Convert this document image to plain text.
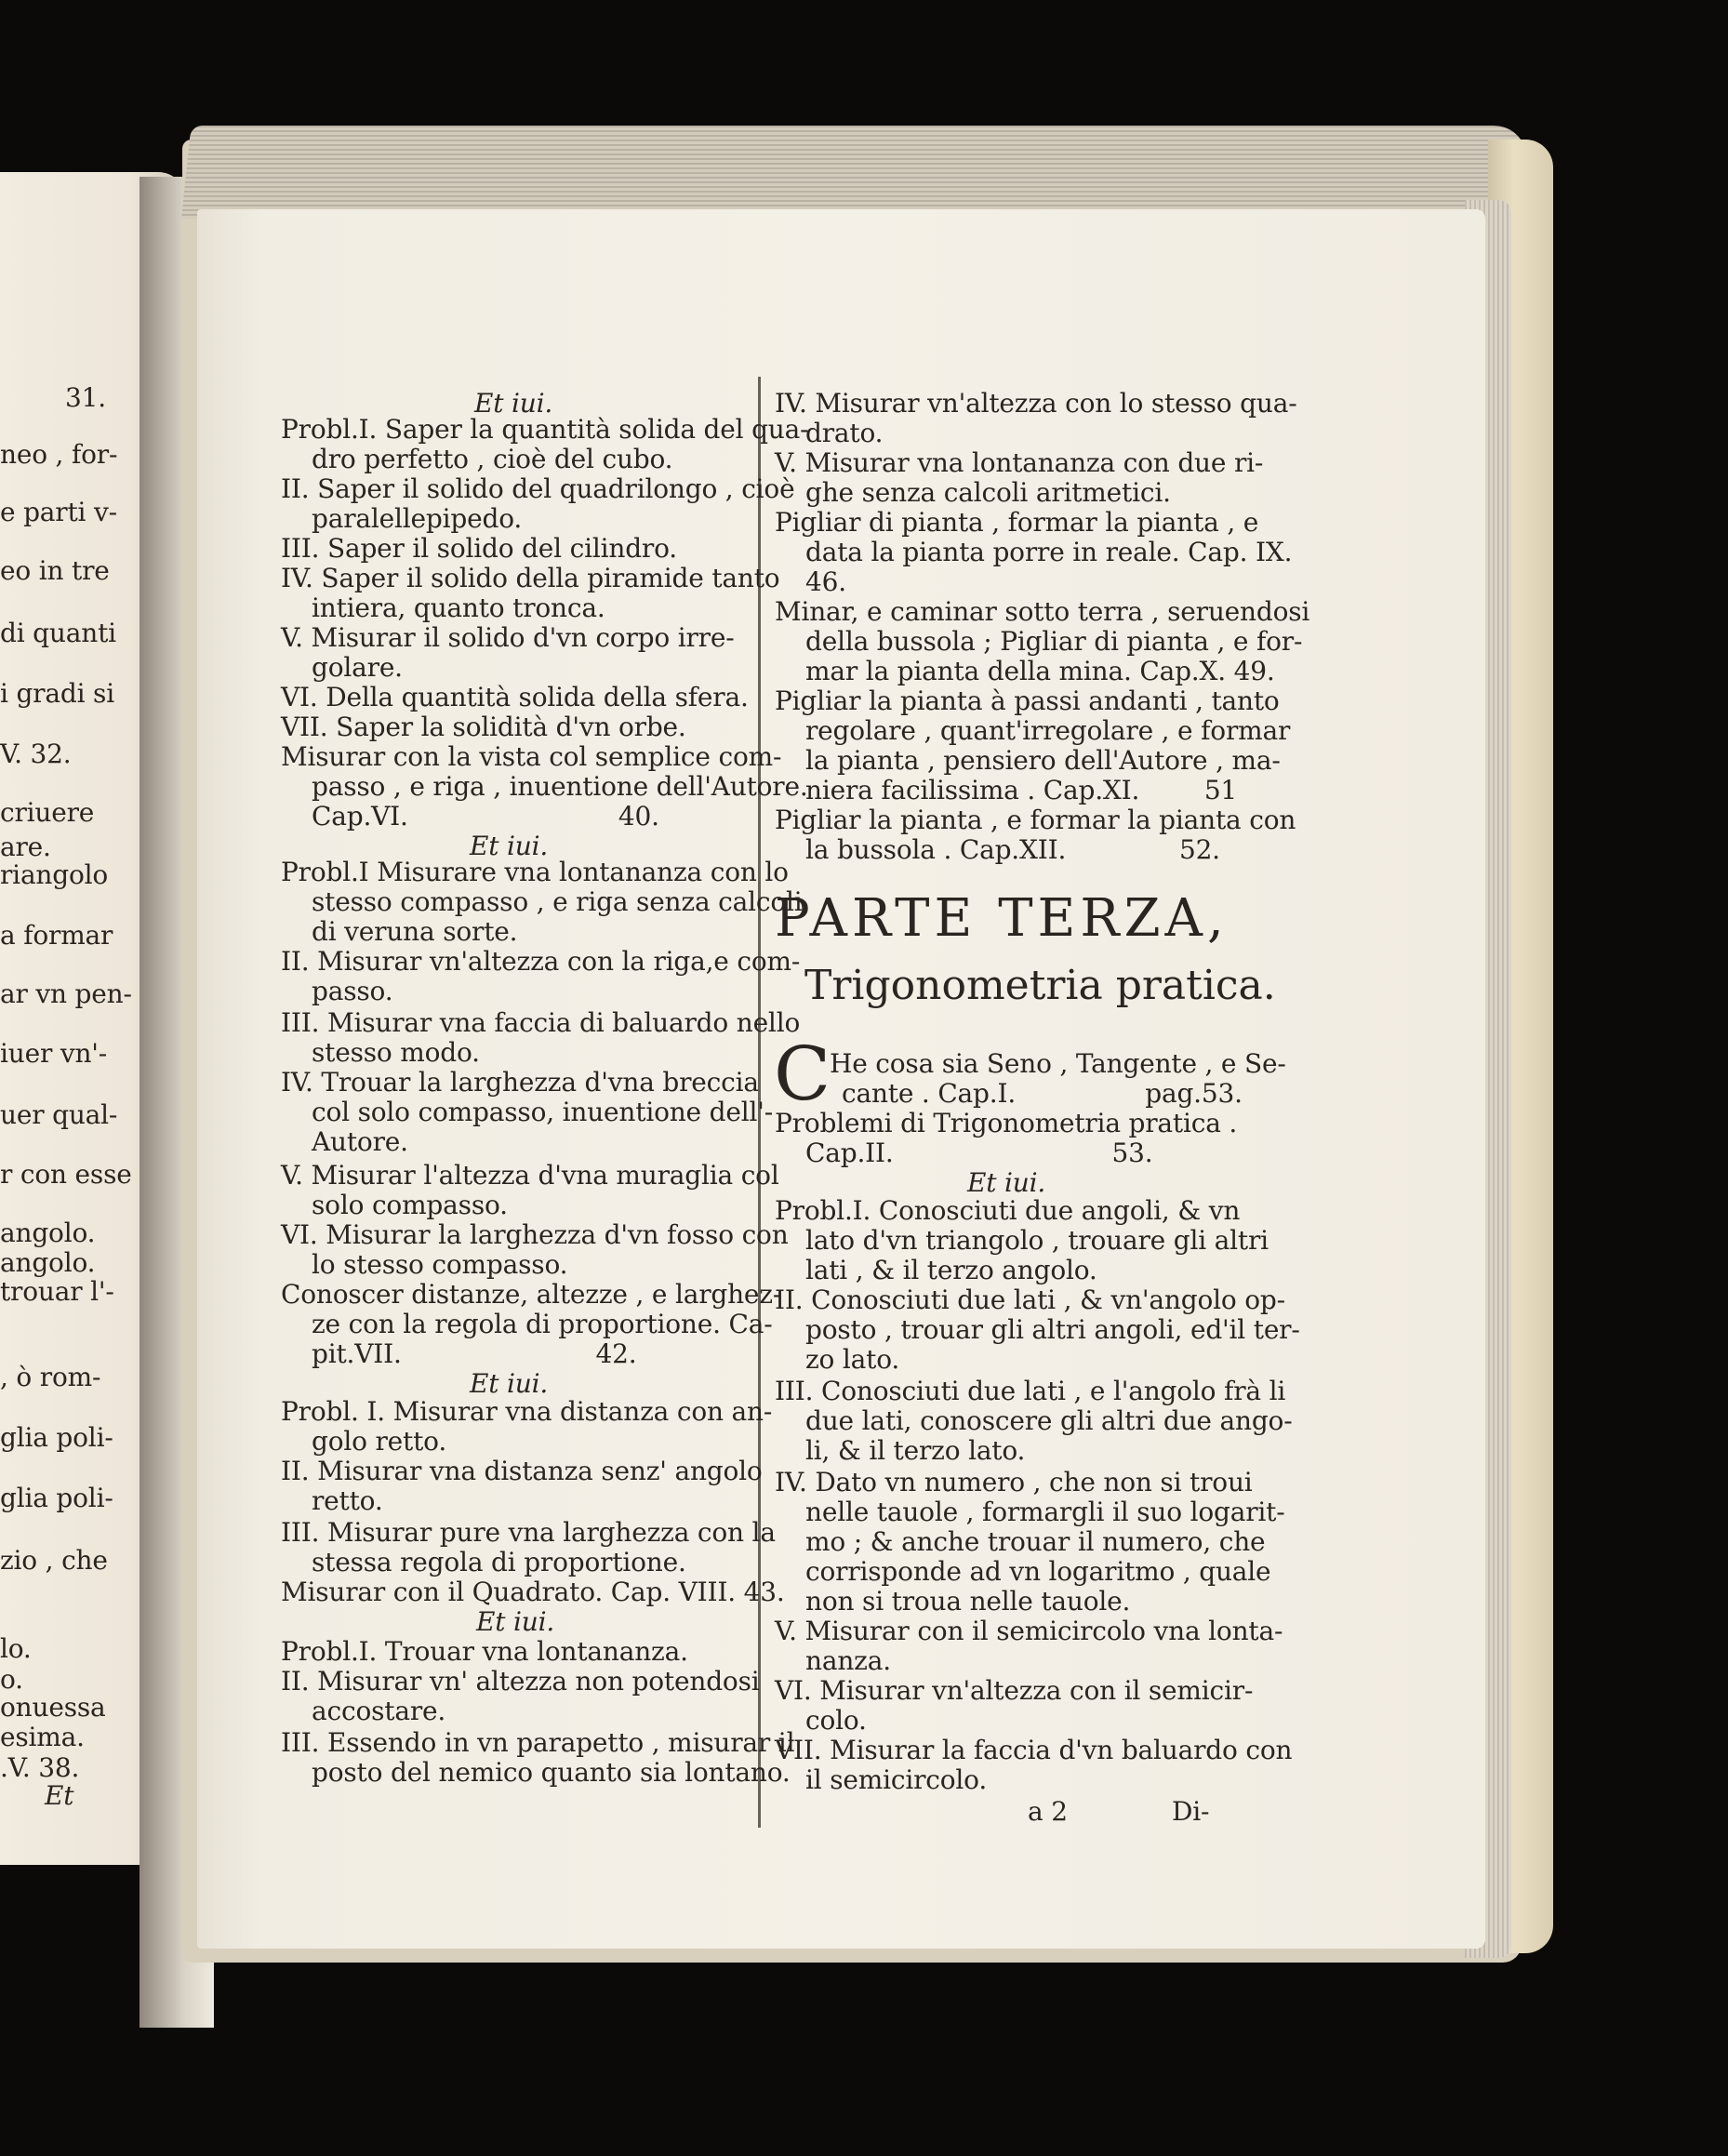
31.
neo , for-
e parti v-
eo in tre
di quanti
i gradi si
V. 32.
criuere
are.
riangolo
a formar
ar vn pen-
iuer vn'-
uer qual-
r con esse
angolo.
angolo.
trouar l'-
, ò rom-
glia poli-
glia poli-
zio , che
lo.
o.
onuessa
esima.
.V. 38.
Et
Et iui.
Probl.I. Saper la quantità solida del qua-
dro perfetto , cioè del cubo.
II. Saper il solido del quadrilongo , cioè
paralellepipedo.
III. Saper il solido del cilindro.
IV. Saper il solido della piramide tanto
intiera, quanto tronca.
V. Misurar il solido d'vn corpo irre-
golare.
VI. Della quantità solida della sfera.
VII. Saper la solidità d'vn orbe.
Misurar con la vista col semplice com-
passo , e riga , inuentione dell'Autore.
Cap.VI.                          40.
Et iui.
Probl.I Misurare vna lontananza con lo
stesso compasso , e riga senza calcoli
di veruna sorte.
II. Misurar vn'altezza con la riga,e com-
passo.
III. Misurar vna faccia di baluardo nello
stesso modo.
IV. Trouar la larghezza d'vna breccia
col solo compasso, inuentione dell'-
Autore.
V. Misurar l'altezza d'vna muraglia col
solo compasso.
VI. Misurar la larghezza d'vn fosso con
lo stesso compasso.
Conoscer distanze, altezze , e larghez-
ze con la regola di proportione. Ca-
pit.VII.                        42.
Et iui.
Probl. I. Misurar vna distanza con an-
golo retto.
II. Misurar vna distanza senz' angolo
retto.
III. Misurar pure vna larghezza con la
stessa regola di proportione.
Misurar con il Quadrato. Cap. VIII. 43.
Et iui.
Probl.I. Trouar vna lontananza.
II. Misurar vn' altezza non potendosi
accostare.
III. Essendo in vn parapetto , misurar il
posto del nemico quanto sia lontano.
IV. Misurar vn'altezza con lo stesso qua-
drato.
V. Misurar vna lontananza con due ri-
ghe senza calcoli aritmetici.
Pigliar di pianta , formar la pianta , e
data la pianta porre in reale. Cap. IX.
46.
Minar, e caminar sotto terra , seruendosi
della bussola ; Pigliar di pianta , e for-
mar la pianta della mina. Cap.X. 49.
Pigliar la pianta à passi andanti , tanto
regolare , quant'irregolare , e formar
la pianta , pensiero dell'Autore , ma-
niera facilissima . Cap.XI.        51
Pigliar la pianta , e formar la pianta con
la bussola . Cap.XII.              52.
PARTE TERZA,
Trigonometria pratica.
C
He cosa sia Seno , Tangente , e Se-
cante . Cap.I.                pag.53.
Problemi di Trigonometria pratica .
Cap.II.                           53.
Et iui.
Probl.I. Conosciuti due angoli, & vn
lato d'vn triangolo , trouare gli altri
lati , & il terzo angolo.
II. Conosciuti due lati , & vn'angolo op-
posto , trouar gli altri angoli, ed'il ter-
zo lato.
III. Conosciuti due lati , e l'angolo frà li
due lati, conoscere gli altri due ango-
li, & il terzo lato.
IV. Dato vn numero , che non si troui
nelle tauole , formargli il suo logarit-
mo ; & anche trouar il numero, che
corrisponde ad vn logaritmo , quale
non si troua nelle tauole.
V. Misurar con il semicircolo vna lonta-
nanza.
VI. Misurar vn'altezza con il semicir-
colo.
VII. Misurar la faccia d'vn baluardo con
il semicircolo.
a 2	Di-
